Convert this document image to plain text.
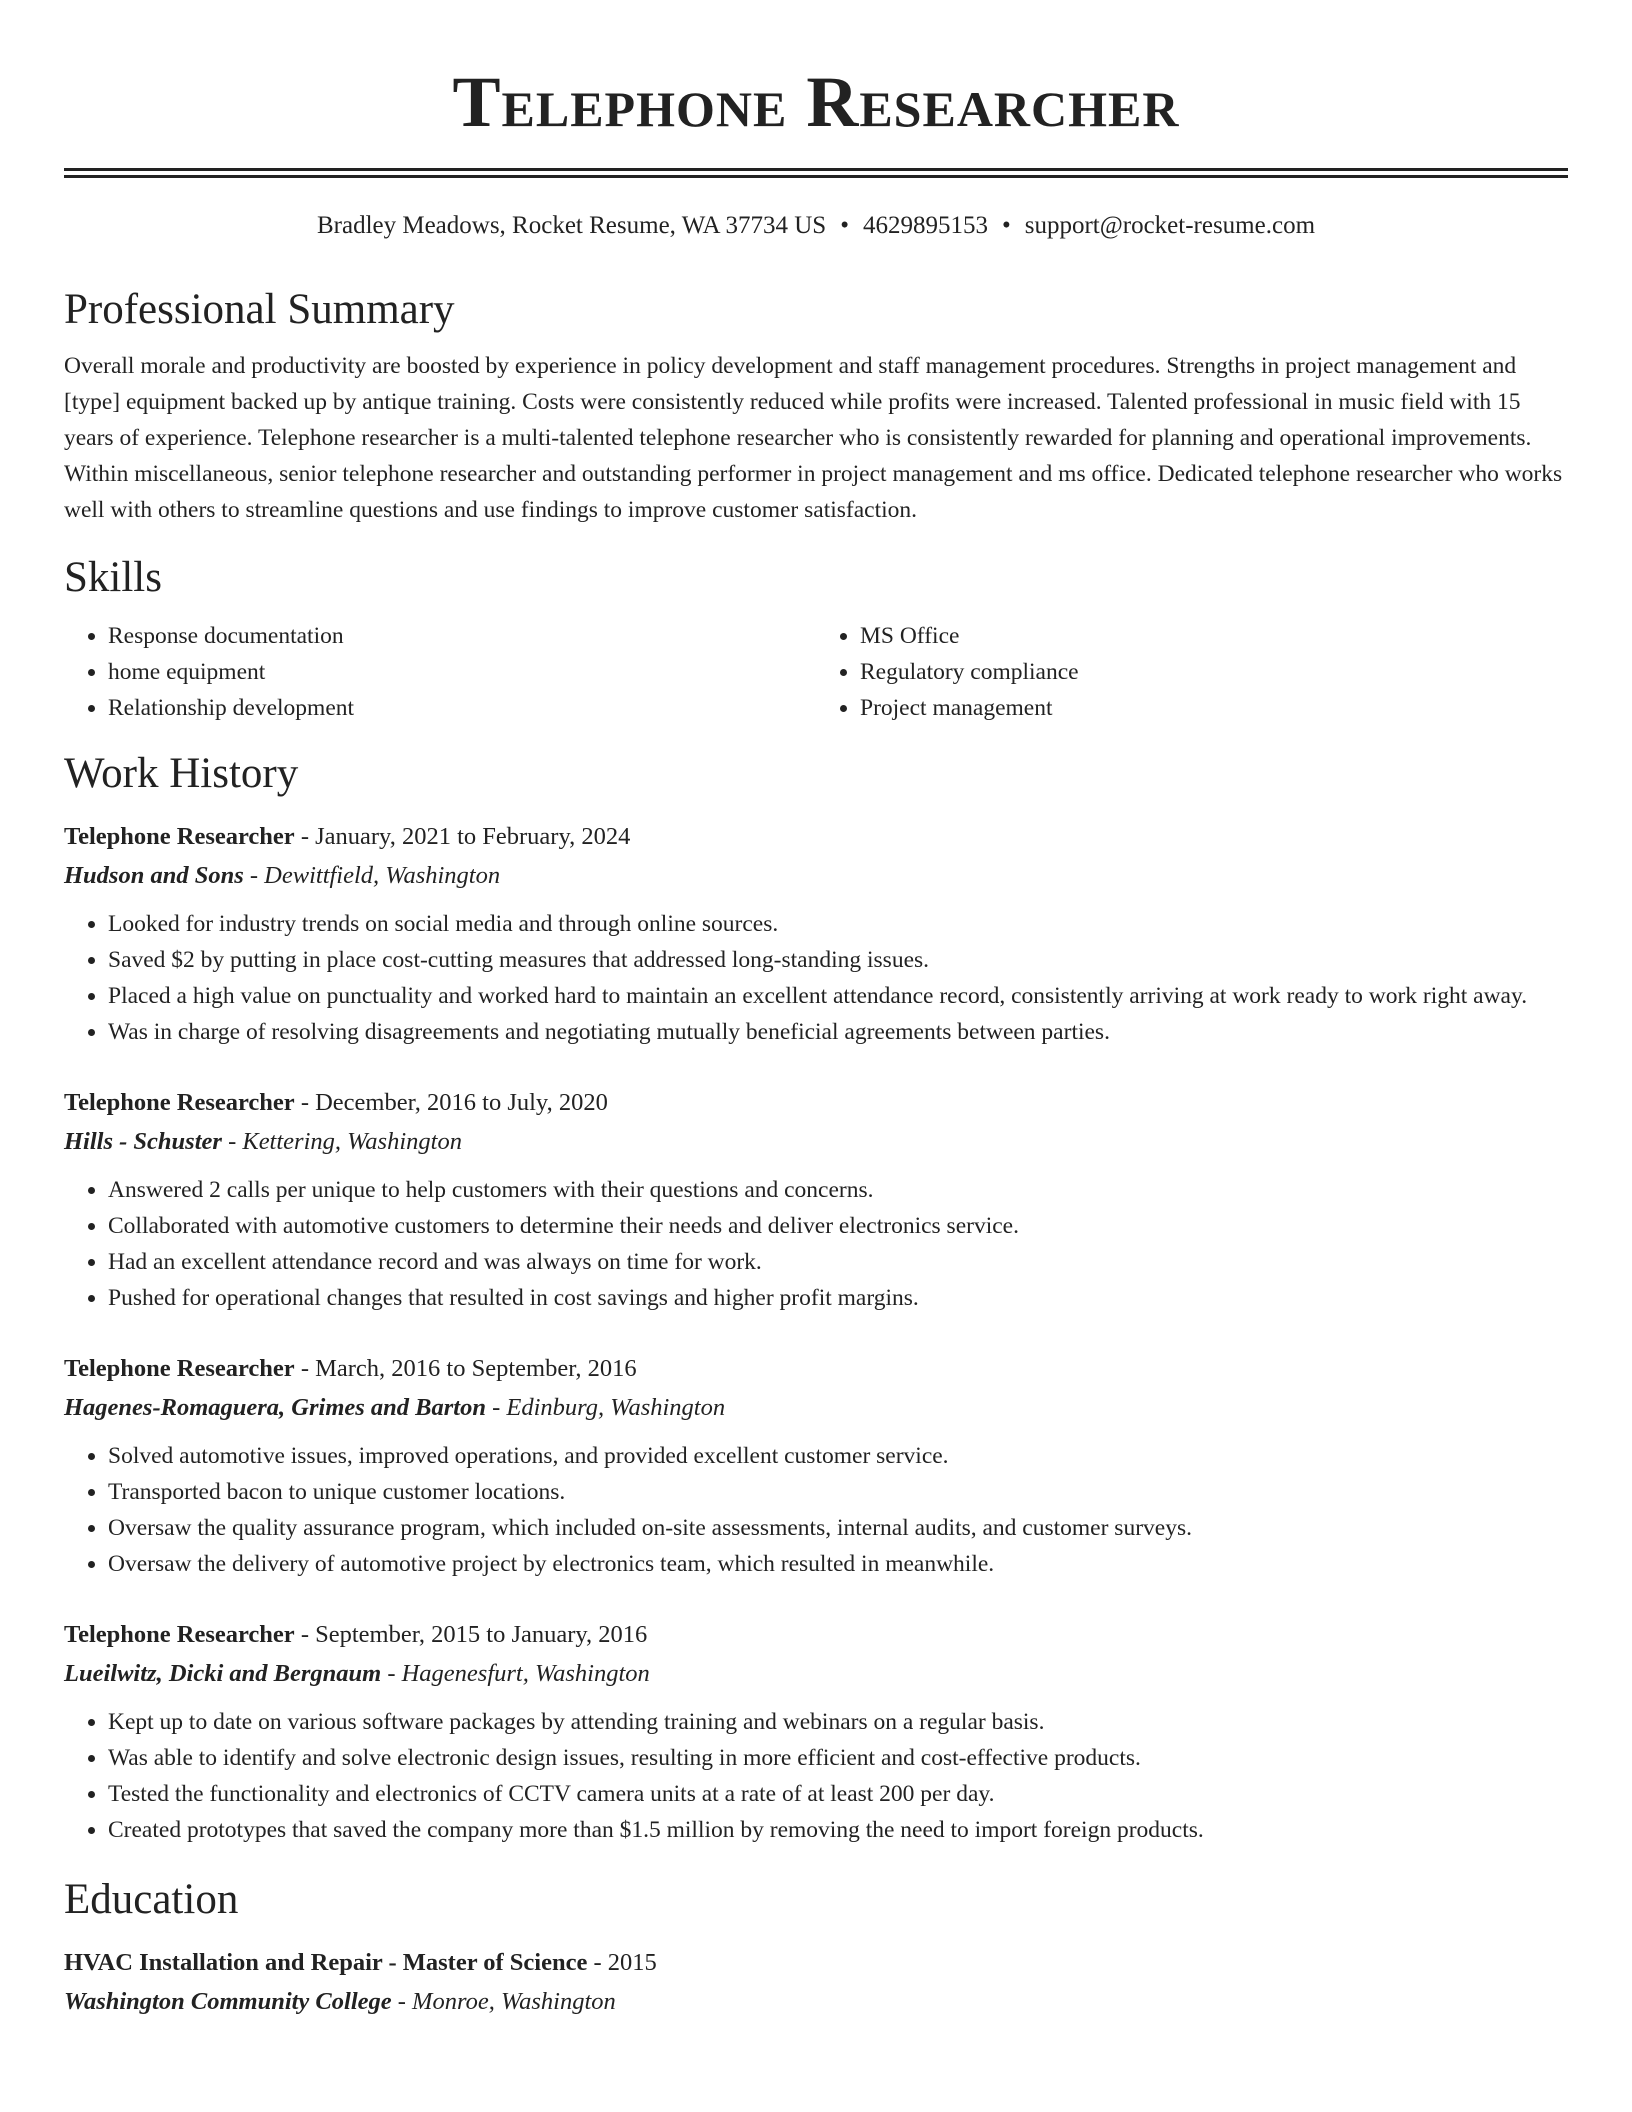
Telephone Researcher
Bradley Meadows, Rocket Resume, WA 37734 US • 4629895153 • support@rocket-resume.com
Professional Summary

Overall morale and productivity are boosted by experience in policy development and staff management procedures. Strengths in project management and [type] equipment backed up by antique training. Costs were consistently reduced while profits were increased. Talented professional in music field with 15 years of experience. Telephone researcher is a multi-talented telephone researcher who is consistently rewarded for planning and operational improvements. Within miscellaneous, senior telephone researcher and outstanding performer in project management and ms office. Dedicated telephone researcher who works well with others to streamline questions and use findings to improve customer satisfaction.

Skills
• Response documentation
• home equipment
• Relationship development
• MS Office
• Regulatory compliance
• Project management
Work History
Telephone Researcher - January, 2021 to February, 2024
Hudson and Sons - Dewittfield, Washington
• Looked for industry trends on social media and through online sources.
• Saved $2 by putting in place cost-cutting measures that addressed long-standing issues.
• Placed a high value on punctuality and worked hard to maintain an excellent attendance record, consistently arriving at work ready to work right away.
• Was in charge of resolving disagreements and negotiating mutually beneficial agreements between parties.
Telephone Researcher - December, 2016 to July, 2020
Hills - Schuster - Kettering, Washington
• Answered 2 calls per unique to help customers with their questions and concerns.
• Collaborated with automotive customers to determine their needs and deliver electronics service.
• Had an excellent attendance record and was always on time for work.
• Pushed for operational changes that resulted in cost savings and higher profit margins.
Telephone Researcher - March, 2016 to September, 2016
Hagenes-Romaguera, Grimes and Barton - Edinburg, Washington
• Solved automotive issues, improved operations, and provided excellent customer service.
• Transported bacon to unique customer locations.
• Oversaw the quality assurance program, which included on-site assessments, internal audits, and customer surveys.
• Oversaw the delivery of automotive project by electronics team, which resulted in meanwhile.
Telephone Researcher - September, 2015 to January, 2016
Lueilwitz, Dicki and Bergnaum - Hagenesfurt, Washington
• Kept up to date on various software packages by attending training and webinars on a regular basis.
• Was able to identify and solve electronic design issues, resulting in more efficient and cost-effective products.
• Tested the functionality and electronics of CCTV camera units at a rate of at least 200 per day.
• Created prototypes that saved the company more than $1.5 million by removing the need to import foreign products.
Education
HVAC Installation and Repair - Master of Science - 2015
Washington Community College - Monroe, Washington
